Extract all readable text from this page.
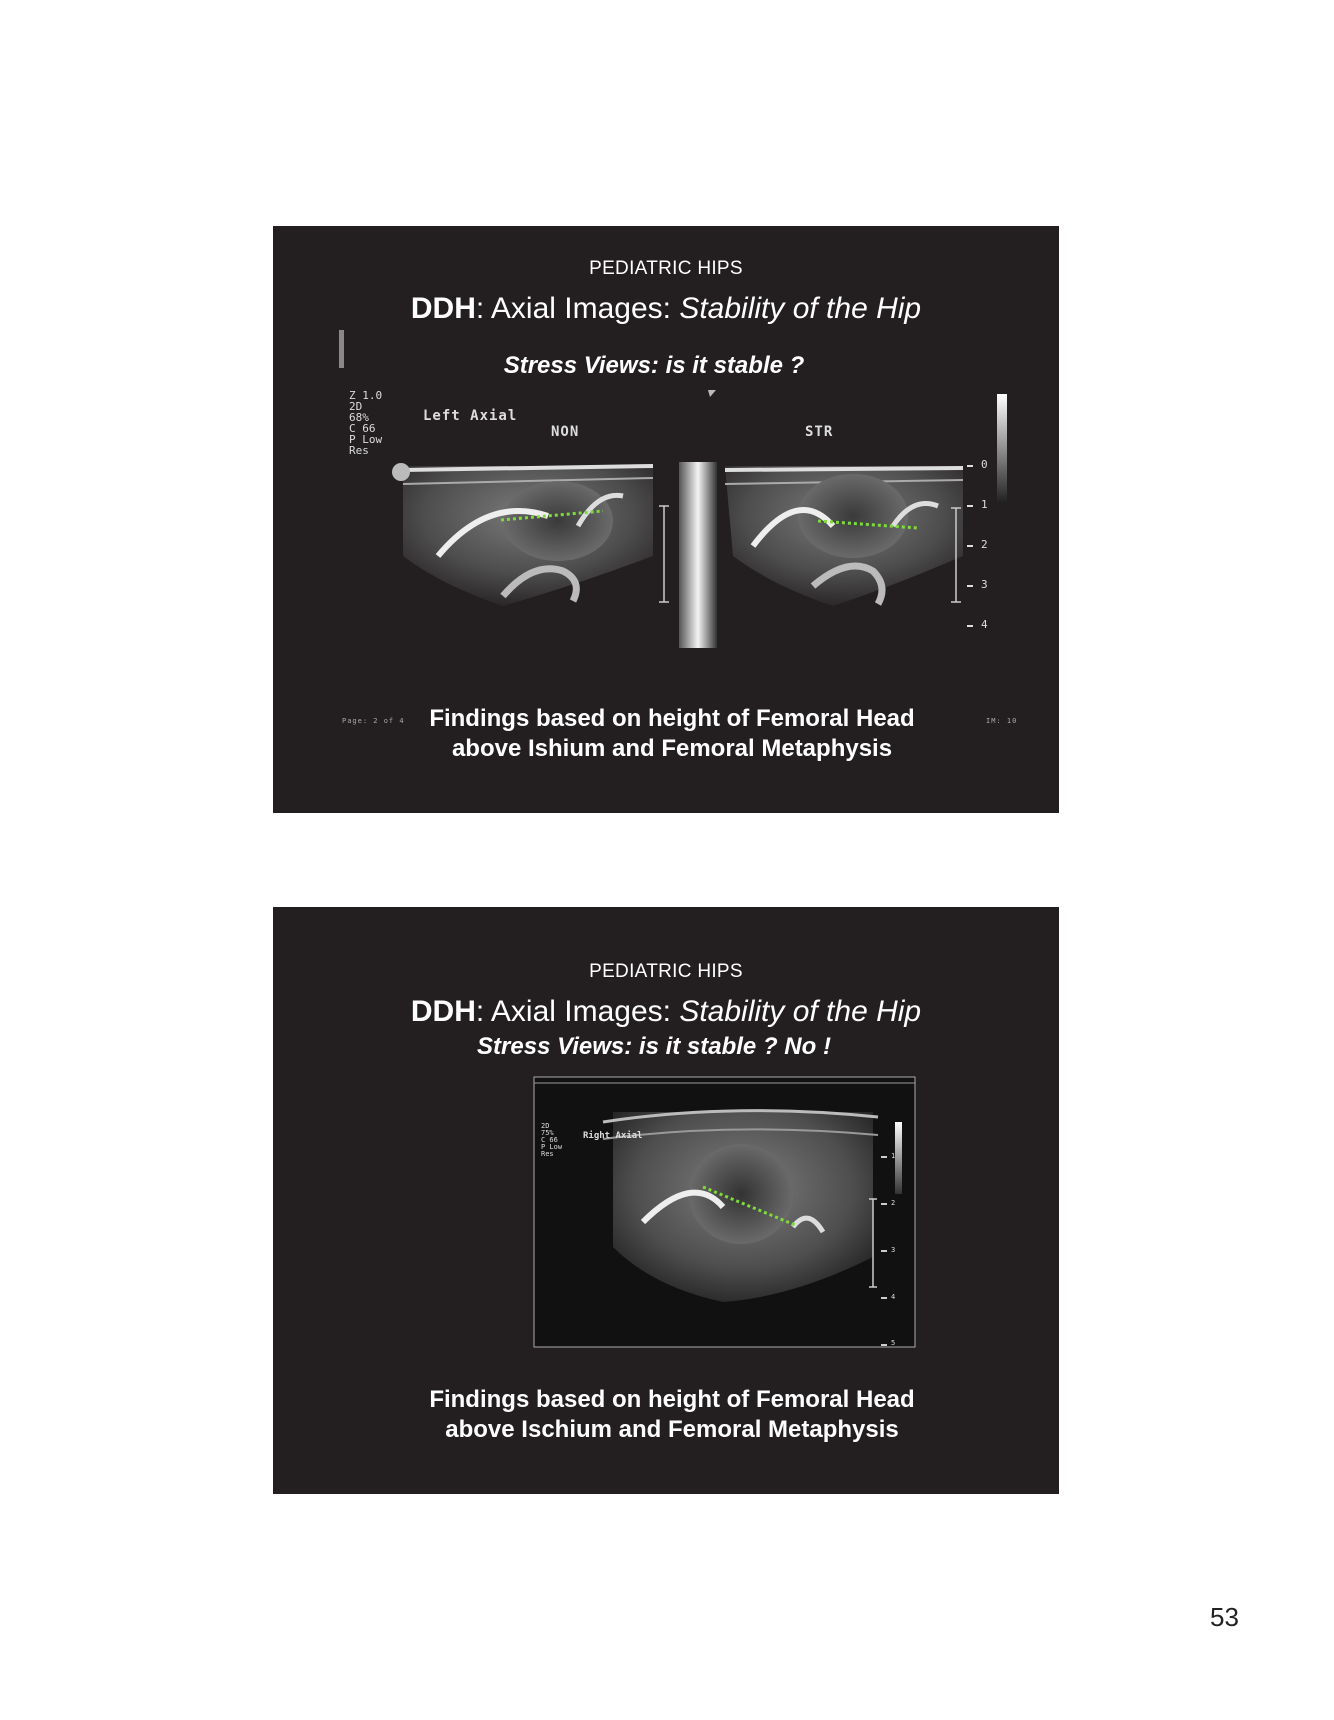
PEDIATRIC HIPS
DDH: Axial Images: Stability of the Hip
Stress Views: is it stable ?
Z 1.0
2D
68%
C 66
P Low
Res
Left Axial
NON	STR
0
1
2
3
4
Page: 2 of 4	IM: 10
Findings based on height of Femoral Head
above Ishium and Femoral Metaphysis
PEDIATRIC HIPS
DDH: Axial Images: Stability of the Hip
Stress Views: is it stable ? No !
2D
75%
C 66
P Low
Res
Right Axial
1
2
3
4
5
Findings based on height of Femoral Head
above Ischium and Femoral Metaphysis
53
